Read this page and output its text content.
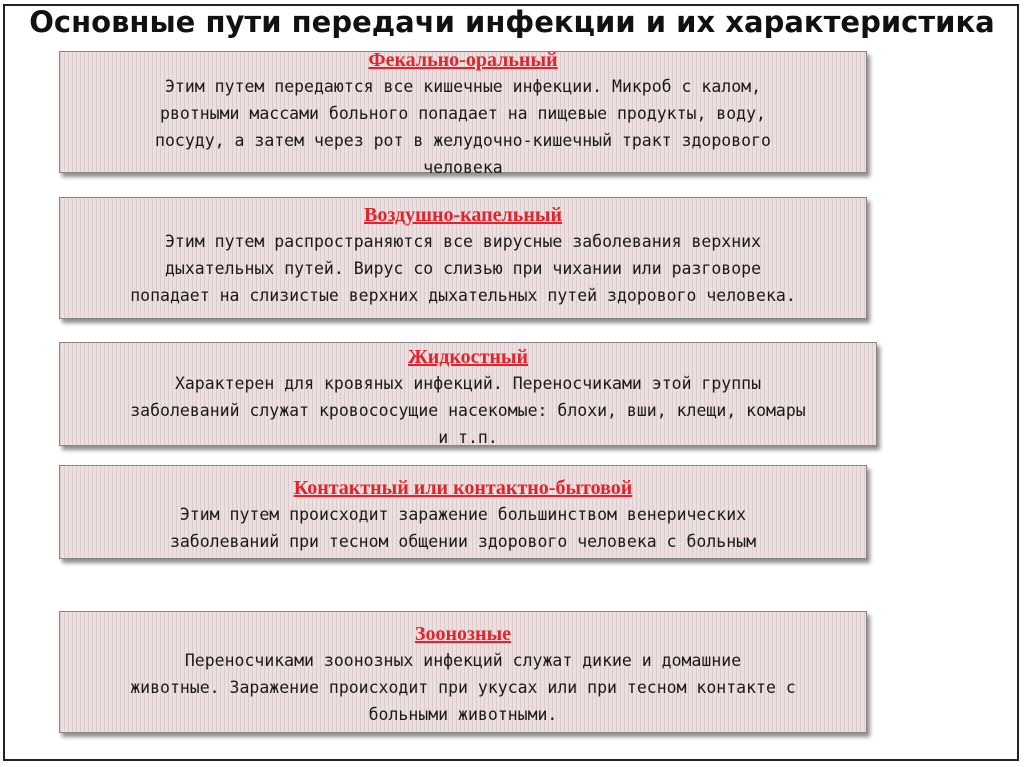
Основные пути передачи инфекции и их характеристика
Фекально-оральный
Этим путем передаются все кишечные инфекции. Микроб с калом,
рвотными массами больного попадает на пищевые продукты, воду,
посуду, а затем через рот в желудочно-кишечный тракт здорового
человека
Воздушно-капельный
Этим путем распространяются все вирусные заболевания верхних
дыхательных путей. Вирус со слизью при чихании или разговоре
попадает на слизистые верхних дыхательных путей здорового человека.
Жидкостный
Характерен для кровяных инфекций. Переносчиками этой группы
заболеваний служат кровососущие насекомые: блохи, вши, клещи, комары
и т.п.
Контактный или контактно-бытовой
Этим путем происходит заражение большинством венерических
заболеваний при тесном общении здорового человека с больным
Зоонозные
Переносчиками зоонозных инфекций служат дикие и домашние
животные. Заражение происходит при укусах или при тесном контакте с
больными животными.
